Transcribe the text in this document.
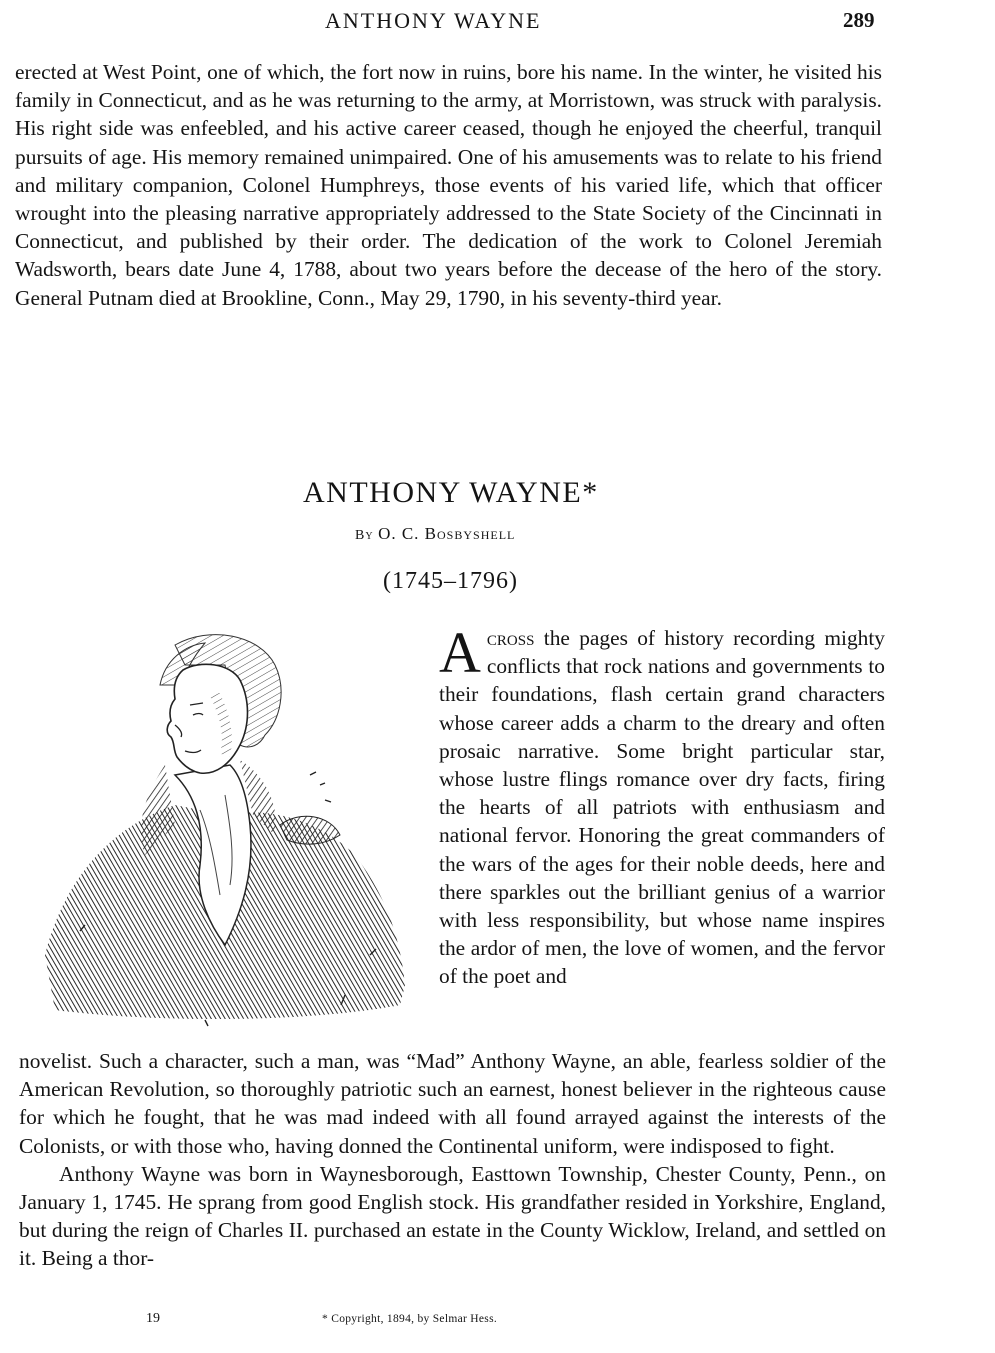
ANTHONY WAYNE	289

erected at West Point, one of which, the fort now in ruins, bore his name. In the winter, he visited his family in Connecticut, and as he was returning to the army, at Morristown, was struck with paralysis. His right side was enfeebled, and his active career ceased, though he enjoyed the cheerful, tranquil pursuits of age. His memory remained unimpaired. One of his amusements was to relate to his friend and military companion, Colonel Humphreys, those events of his varied life, which that officer wrought into the pleasing narrative appropriately addressed to the State Society of the Cincinnati in Connecticut, and published by their order. The dedication of the work to Colonel Jeremiah Wadsworth, bears date June 4, 1788, about two years before the decease of the hero of the story. General Putnam died at Brookline, Conn., May 29, 1790, in his seventy-third year.

ANTHONY WAYNE*
By O. C. Bosbyshell
(1745–1796)
Across the pages of history recording mighty conflicts that rock nations and governments to their foundations, flash certain grand characters whose career adds a charm to the dreary and often prosaic narrative. Some bright particular star, whose lustre flings romance over dry facts, firing the hearts of all patriots with enthusiasm and national fervor. Honoring the great commanders of the wars of the ages for their noble deeds, here and there sparkles out the brilliant genius of a warrior with less responsibility, but whose name inspires the ardor of men, the love of women, and the fervor of the poet and

novelist. Such a character, such a man, was “Mad” Anthony Wayne, an able, fearless soldier of the American Revolution, so thoroughly patriotic such an earnest, honest believer in the righteous cause for which he fought, that he was mad indeed with all found arrayed against the interests of the Colonists, or with those who, having donned the Continental uniform, were indisposed to fight.

Anthony Wayne was born in Waynesborough, Easttown Township, Chester County, Penn., on January 1, 1745. He sprang from good English stock. His grandfather resided in Yorkshire, England, but during the reign of Charles II. purchased an estate in the County Wicklow, Ireland, and settled on it. Being a thor-

19	* Copyright, 1894, by Selmar Hess.
